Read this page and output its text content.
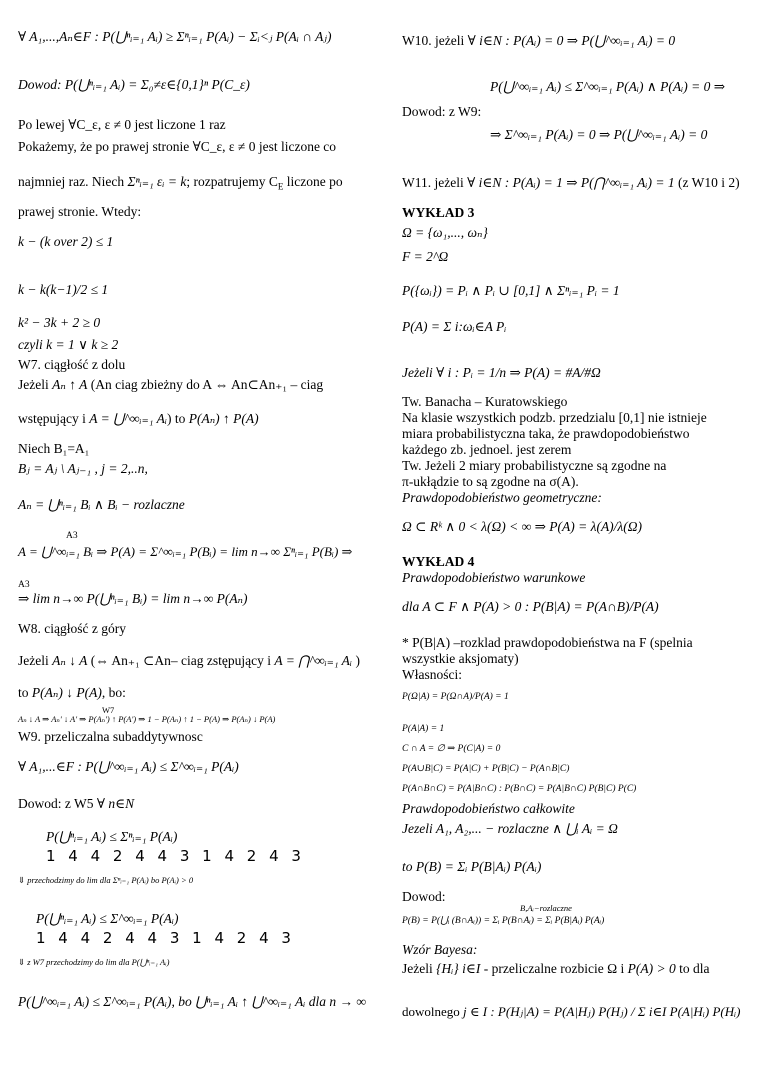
∀ A₁,...,Aₙ∈F : P(⋃ⁿᵢ₌₁ Aᵢ) ≥ Σⁿᵢ₌₁ P(Aᵢ) − Σᵢ<ⱼ P(Aᵢ ∩ Aⱼ)
Dowod: P(⋃ⁿᵢ₌₁ Aᵢ) = Σ₀≠ε∈{0,1}ⁿ P(C_ε)
Po lewej ∀C_ε, ε ≠ 0 jest liczone 1 raz
Pokażemy, że po prawej stronie ∀C_ε, ε ≠ 0 jest liczone co
najmniej raz. Niech Σⁿᵢ₌₁ εᵢ = k; rozpatrujemy $C_E$ liczone po
prawej stronie. Wtedy:
k − (k over 2) ≤ 1
k − k(k−1)/2 ≤ 1
k² − 3k + 2 ≥ 0
czyli k = 1 ∨ k ≥ 2
W7. ciągłość z dolu
Jeżeli Aₙ ↑ A (An ciag zbieżny do A ⇔ An⊂An₊₁ – ciag
wstępujący i A = ⋃^∞ᵢ₌₁ Aᵢ) to P(Aₙ) ↑ P(A)
Niech B₁=A₁
Bⱼ = Aⱼ \ Aⱼ₋₁ , j = 2,..n,
Aₙ = ⋃ⁿᵢ₌₁ Bᵢ ∧ Bᵢ − rozlaczne
A3
A = ⋃^∞ᵢ₌₁ Bᵢ ⇒ P(A) = Σ^∞ᵢ₌₁ P(Bᵢ) = lim n→∞ Σⁿᵢ₌₁ P(Bᵢ) ⇒
A3
⇒ lim n→∞ P(⋃ⁿᵢ₌₁ Bᵢ) = lim n→∞ P(Aₙ)
W8. ciągłość z góry
Jeżeli Aₙ ↓ A (⇔ An₊₁ ⊂An– ciag zstępujący i A = ⋂^∞ᵢ₌₁ Aᵢ )
to P(Aₙ) ↓ P(A), bo:
W7
Aₙ ↓ A ⇒ Aₙ' ↓ A' ⇒ P(Aₙ') ↑ P(A') ⇒ 1 − P(Aₙ) ↑ 1 − P(A) ⇒ P(Aₙ) ↓ P(A)
W9. przeliczalna subaddytywnosc
∀ A₁,...∈F : P(⋃^∞ᵢ₌₁ Aᵢ) ≤ Σ^∞ᵢ₌₁ P(Aᵢ)
Dowod: z W5 ∀ n∈N
P(⋃ⁿᵢ₌₁ Aᵢ) ≤ Σⁿᵢ₌₁ P(Aᵢ)
1 4 4 2 4 4 3 1 4 2 4 3
⇓ przechodzimy do lim dla Σⁿᵢ₌₁ P(Aᵢ) bo P(Aᵢ) > 0
P(⋃ⁿᵢ₌₁ Aᵢ) ≤ Σ^∞ᵢ₌₁ P(Aᵢ)
1 4 4 2 4 4 3 1 4 2 4 3
⇓ z W7 przechodzimy do lim dla P(⋃ⁿᵢ₌₁ Aᵢ)
P(⋃^∞ᵢ₌₁ Aᵢ) ≤ Σ^∞ᵢ₌₁ P(Aᵢ), bo ⋃ⁿᵢ₌₁ Aᵢ ↑ ⋃^∞ᵢ₌₁ Aᵢ dla n → ∞
W10. jeżeli ∀ i∈N : P(Aᵢ) = 0 ⇒ P(⋃^∞ᵢ₌₁ Aᵢ) = 0
P(⋃^∞ᵢ₌₁ Aᵢ) ≤ Σ^∞ᵢ₌₁ P(Aᵢ) ∧ P(Aᵢ) = 0 ⇒
Dowod: z W9:
⇒ Σ^∞ᵢ₌₁ P(Aᵢ) = 0 ⇒ P(⋃^∞ᵢ₌₁ Aᵢ) = 0
W11. jeżeli ∀ i∈N : P(Aᵢ) = 1 ⇒ P(⋂^∞ᵢ₌₁ Aᵢ) = 1 (z W10 i 2)
WYKŁAD 3
Ω = {ω₁,..., ωₙ}
F = 2^Ω
P({ωᵢ}) = Pᵢ ∧ Pᵢ ∪ [0,1] ∧ Σⁿᵢ₌₁ Pᵢ = 1
P(A) = Σ i:ωᵢ∈A Pᵢ
Jeżeli ∀ i : Pᵢ = 1/n ⇒ P(A) = #A/#Ω
Tw. Banacha – Kuratowskiego
Na klasie wszystkich podzb. przedzialu [0,1] nie istnieje
miara probabilistyczna taka, że prawdopodobieństwo
każdego zb. jednoel. jest zerem
Tw. Jeżeli 2 miary probabilistyczne są zgodne na
π-ukłądzie to są zgodne na σ(A).
Prawdopodobieństwo geometryczne:
Ω ⊂ Rᵏ ∧ 0 < λ(Ω) < ∞ ⇒ P(A) = λ(A)/λ(Ω)
WYKŁAD 4
Prawdopodobieństwo warunkowe
dla A ⊂ F ∧ P(A) > 0 : P(B|A) = P(A∩B)/P(A)
* P(B|A) –rozklad prawdopodobieństwa na F (spelnia
wszystkie aksjomaty)
Własności:
P(Ω|A) = P(Ω∩A)/P(A) = 1
P(A|A) = 1
C ∩ A = ∅ ⇒ P(C|A) = 0
P(A∪B|C) = P(A|C) + P(B|C) − P(A∩B|C)
P(A∩B∩C) = P(A|B∩C) : P(B∩C) = P(A|B∩C) P(B|C) P(C)
Prawdopodobieństwo całkowite
Jezeli A₁, A₂,... − rozlaczne ∧ ⋃ᵢ Aᵢ = Ω
to P(B) = Σᵢ P(B|Aᵢ) P(Aᵢ)
Dowod:
B,Aᵢ−rozlaczne
P(B) = P(⋃ᵢ (B∩Aᵢ)) = Σᵢ P(B∩Aᵢ) = Σᵢ P(B|Aᵢ) P(Aᵢ)
Wzór Bayesa:
Jeżeli {Hᵢ} i∈I - przeliczalne rozbicie Ω i P(A) > 0 to dla
dowolnego j ∈ I : P(Hⱼ|A) = P(A|Hⱼ) P(Hⱼ) / Σ i∈I P(A|Hᵢ) P(Hᵢ)
